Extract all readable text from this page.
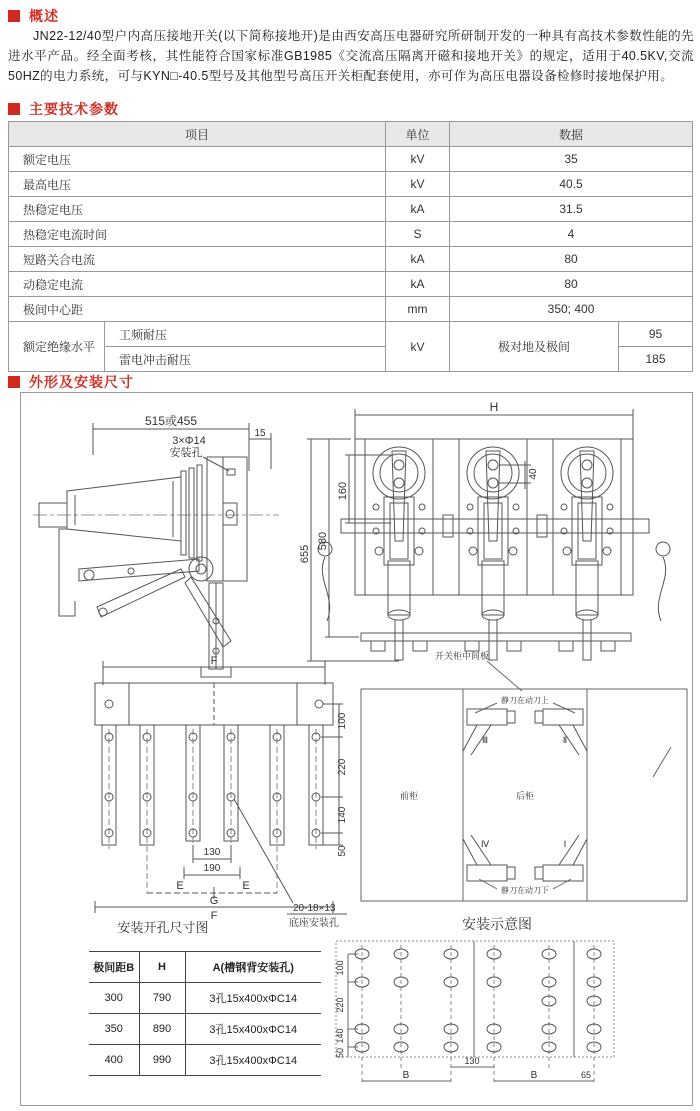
概述

JN22-12/40型户内高压接地开关(以下简称接地开)是由西安高压电器研究所研制开发的一种具有高技术参数性能的先进水平产品。经全面考核，其性能符合国家标准GB1985《交流高压隔离开磁和接地开关》的规定，适用于40.5KV,交流50HZ的电力系统，可与KYN□-40.5型号及其他型号高压开关柜配套使用，亦可作为高压电器设备检修时接地保护用。

主要技术参数
项目		单位	数据	
额定电压		kV	35	
最高电压		kV	40.5	
热稳定电压		kA	31.5	
热稳定电流时间		S	4	
短路关合电流		kA	80	
动稳定电流		kA	80	
极间中心距		mm	350; 400	
额定绝缘水平	工频耐压	kV	极对地及极间	95
	雷电冲击耐压			185
外形及安装尺寸
515或455
3×Φ14
安装孔
15
H
655
580
160
40
F
100
220
140
50
130
190
E	E
G
F
安装开孔尺寸图
20-18×13
底座安装孔
开关柜中间板
静刀在动刀上
静刀在动刀下
前柜	后柜
Ⅲ	Ⅱ
Ⅳ	Ⅰ
安装示意图
极间距B	H	A(槽钢背安装孔)
300	790	3孔15x400xΦC14
350	890	3孔15x400xΦC14
400	990	3孔15x400xΦC14
100
220
140
50
130
B	B	65
